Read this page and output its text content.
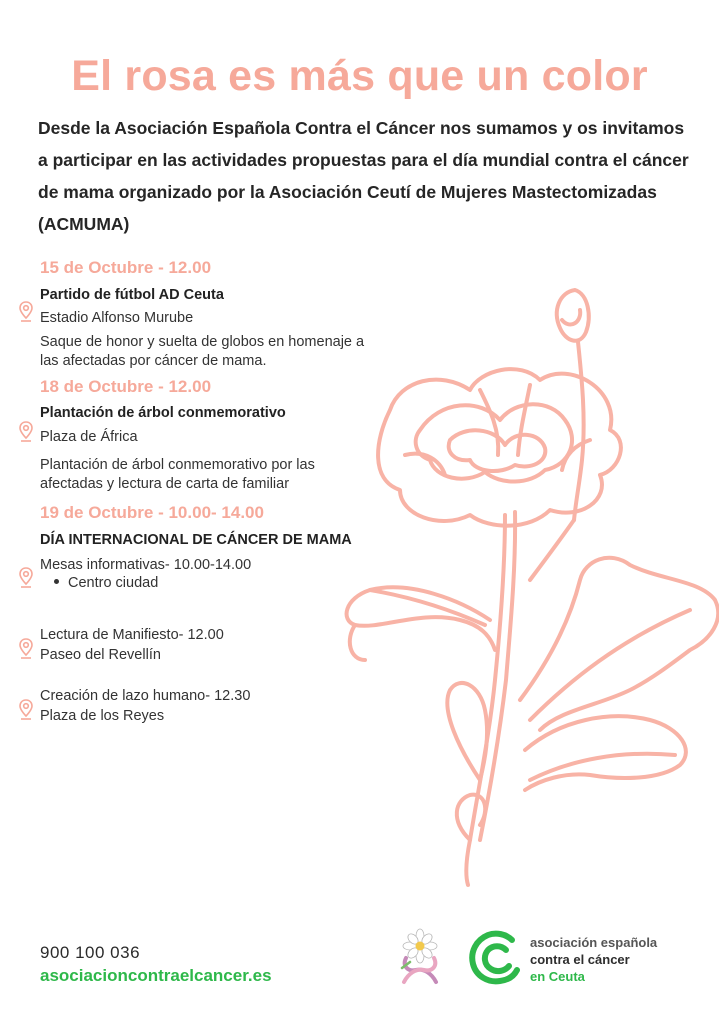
El rosa es más que un color
Desde la Asociación Española Contra el Cáncer nos sumamos y os invitamos a participar en las actividades propuestas para el día mundial contra el cáncer de mama organizado por la Asociación Ceutí de Mujeres Mastectomizadas (ACMUMA)
15 de Octubre - 12.00
Partido de fútbol AD Ceuta
Estadio Alfonso Murube
Saque de honor y suelta de globos en homenaje a
las afectadas por cáncer de mama.
18 de Octubre - 12.00
Plantación de árbol conmemorativo
Plaza de África
Plantación de árbol conmemorativo por las
afectadas y lectura de carta de familiar
19 de Octubre - 10.00- 14.00
DÍA INTERNACIONAL DE CÁNCER DE MAMA
Mesas informativas- 10.00-14.00
Centro ciudad
Lectura de Manifiesto- 12.00
Paseo del Revellín
Creación de lazo humano- 12.30
Plaza de los Reyes
900 100 036
asociacioncontraelcancer.es
asociación española
contra el cáncer
en Ceuta
